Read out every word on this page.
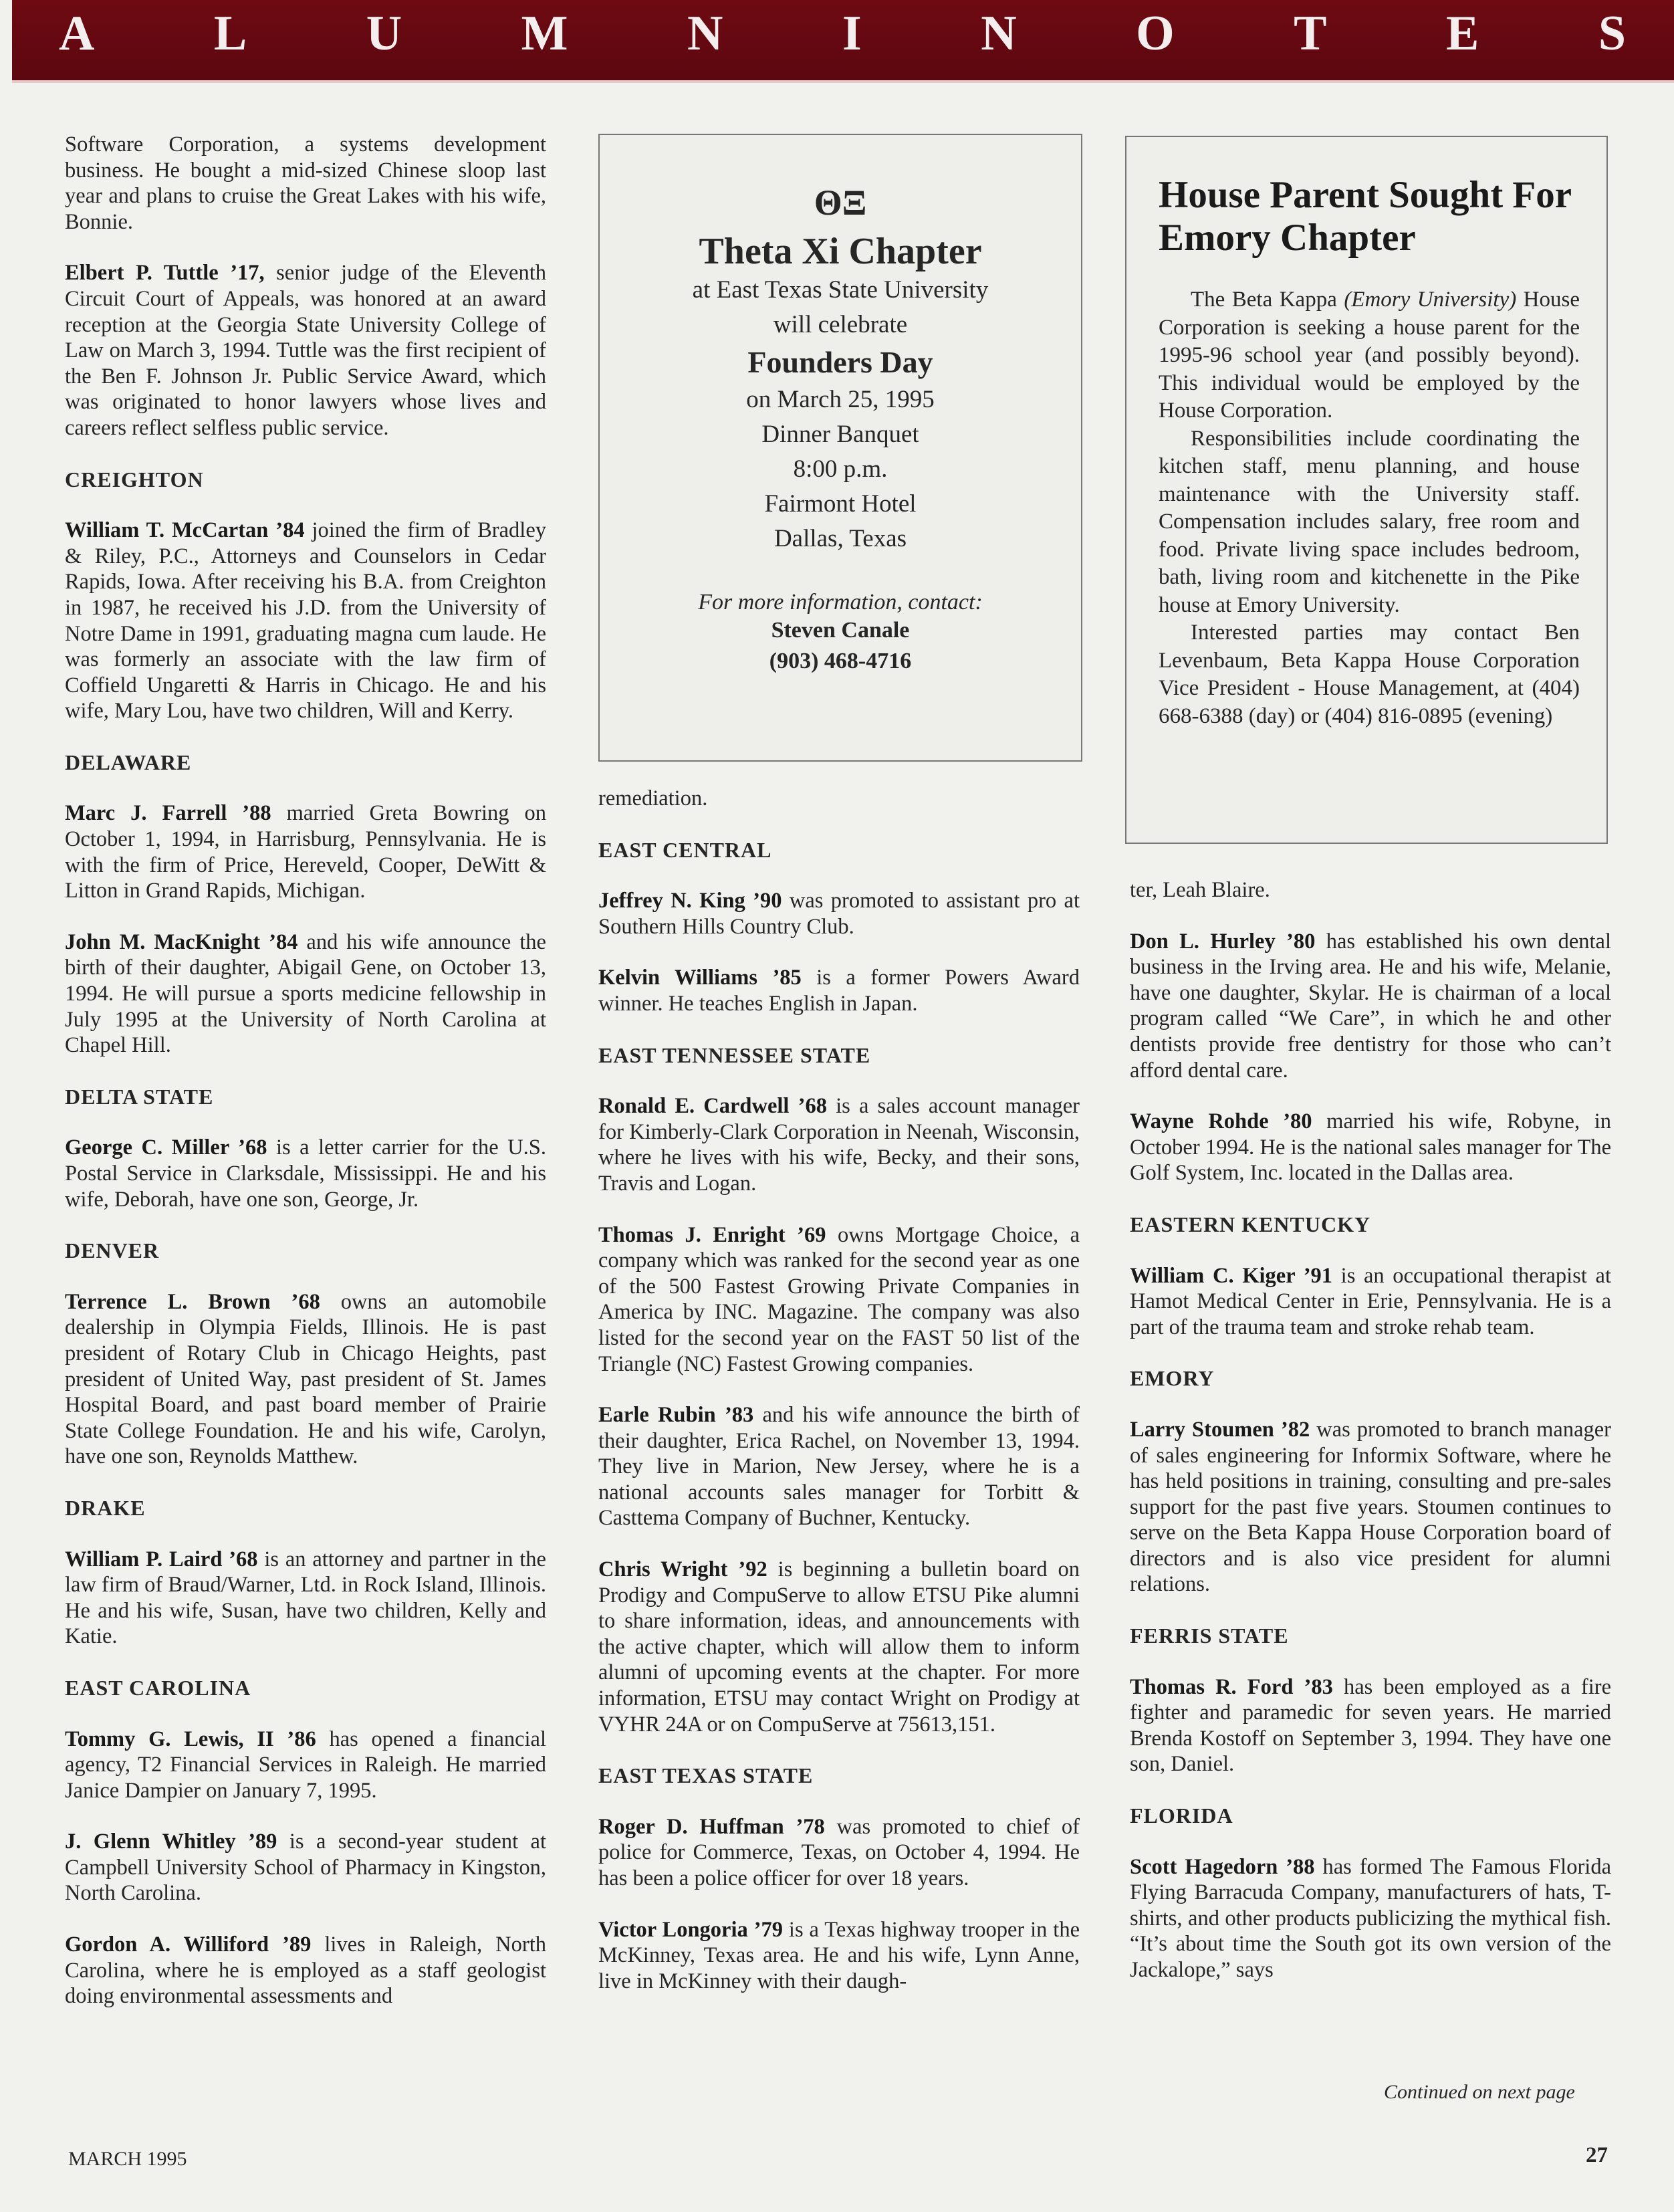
A L U M N I N O T E S

Software Corporation, a systems development business. He bought a mid-sized Chinese sloop last year and plans to cruise the Great Lakes with his wife, Bonnie.

Elbert P. Tuttle ’17, senior judge of the Eleventh Circuit Court of Appeals, was honored at an award reception at the Georgia State University College of Law on March 3, 1994. Tuttle was the first recipient of the Ben F. Johnson Jr. Public Service Award, which was originated to honor lawyers whose lives and careers reflect selfless public service.

CREIGHTON

William T. McCartan ’84 joined the firm of Bradley & Riley, P.C., Attorneys and Counselors in Cedar Rapids, Iowa. After receiving his B.A. from Creighton in 1987, he received his J.D. from the University of Notre Dame in 1991, graduating magna cum laude. He was formerly an associate with the law firm of Coffield Ungaretti & Harris in Chicago. He and his wife, Mary Lou, have two children, Will and Kerry.

DELAWARE

Marc J. Farrell ’88 married Greta Bowring on October 1, 1994, in Harrisburg, Pennsylvania. He is with the firm of Price, Hereveld, Cooper, DeWitt & Litton in Grand Rapids, Michigan.

John M. MacKnight ’84 and his wife announce the birth of their daughter, Abigail Gene, on October 13, 1994. He will pursue a sports medicine fellowship in July 1995 at the University of North Carolina at Chapel Hill.

DELTA STATE

George C. Miller ’68 is a letter carrier for the U.S. Postal Service in Clarksdale, Mississippi. He and his wife, Deborah, have one son, George, Jr.

DENVER

Terrence L. Brown ’68 owns an automobile dealership in Olympia Fields, Illinois. He is past president of Rotary Club in Chicago Heights, past president of United Way, past president of St. James Hospital Board, and past board member of Prairie State College Foundation. He and his wife, Carolyn, have one son, Reynolds Matthew.

DRAKE

William P. Laird ’68 is an attorney and partner in the law firm of Braud/Warner, Ltd. in Rock Island, Illinois. He and his wife, Susan, have two children, Kelly and Katie.

EAST CAROLINA

Tommy G. Lewis, II ’86 has opened a financial agency, T2 Financial Services in Raleigh. He married Janice Dampier on January 7, 1995.

J. Glenn Whitley ’89 is a second-year student at Campbell University School of Pharmacy in Kingston, North Carolina.

Gordon A. Williford ’89 lives in Raleigh, North Carolina, where he is employed as a staff geologist doing environmental assessments and

ΘΞ
Theta Xi Chapter
at East Texas State University
will celebrate
Founders Day
on March 25, 1995
Dinner Banquet
8:00 p.m.
Fairmont Hotel
Dallas, Texas
For more information, contact:
Steven Canale
(903) 468-4716

remediation.

EAST CENTRAL

Jeffrey N. King ’90 was promoted to assistant pro at Southern Hills Country Club.

Kelvin Williams ’85 is a former Powers Award winner. He teaches English in Japan.

EAST TENNESSEE STATE

Ronald E. Cardwell ’68 is a sales account manager for Kimberly-Clark Corporation in Neenah, Wisconsin, where he lives with his wife, Becky, and their sons, Travis and Logan.

Thomas J. Enright ’69 owns Mortgage Choice, a company which was ranked for the second year as one of the 500 Fastest Growing Private Companies in America by INC. Magazine. The company was also listed for the second year on the FAST 50 list of the Triangle (NC) Fastest Growing companies.

Earle Rubin ’83 and his wife announce the birth of their daughter, Erica Rachel, on November 13, 1994. They live in Marion, New Jersey, where he is a national accounts sales manager for Torbitt & Casttema Company of Buchner, Kentucky.

Chris Wright ’92 is beginning a bulletin board on Prodigy and CompuServe to allow ETSU Pike alumni to share information, ideas, and announcements with the active chapter, which will allow them to inform alumni of upcoming events at the chapter. For more information, ETSU may contact Wright on Prodigy at VYHR 24A or on CompuServe at 75613,151.

EAST TEXAS STATE

Roger D. Huffman ’78 was promoted to chief of police for Commerce, Texas, on October 4, 1994. He has been a police officer for over 18 years.

Victor Longoria ’79 is a Texas highway trooper in the McKinney, Texas area. He and his wife, Lynn Anne, live in McKinney with their daugh-

House Parent Sought For Emory Chapter

The Beta Kappa (Emory University) House Corporation is seeking a house parent for the 1995-96 school year (and possibly beyond). This individual would be employed by the House Corporation.

Responsibilities include coordinating the kitchen staff, menu planning, and house maintenance with the University staff. Compensation includes salary, free room and food. Private living space includes bedroom, bath, living room and kitchenette in the Pike house at Emory University.

Interested parties may contact Ben Levenbaum, Beta Kappa House Corporation Vice President - House Management, at (404) 668-6388 (day) or (404) 816-0895 (evening)

ter, Leah Blaire.

Don L. Hurley ’80 has established his own dental business in the Irving area. He and his wife, Melanie, have one daughter, Skylar. He is chairman of a local program called “We Care”, in which he and other dentists provide free dentistry for those who can’t afford dental care.

Wayne Rohde ’80 married his wife, Robyne, in October 1994. He is the national sales manager for The Golf System, Inc. located in the Dallas area.

EASTERN KENTUCKY

William C. Kiger ’91 is an occupational therapist at Hamot Medical Center in Erie, Pennsylvania. He is a part of the trauma team and stroke rehab team.

EMORY

Larry Stoumen ’82 was promoted to branch manager of sales engineering for Informix Software, where he has held positions in training, consulting and pre-sales support for the past five years. Stoumen continues to serve on the Beta Kappa House Corporation board of directors and is also vice president for alumni relations.

FERRIS STATE

Thomas R. Ford ’83 has been employed as a fire fighter and paramedic for seven years. He married Brenda Kostoff on September 3, 1994. They have one son, Daniel.

FLORIDA

Scott Hagedorn ’88 has formed The Famous Florida Flying Barracuda Company, manufacturers of hats, T-shirts, and other products publicizing the mythical fish. “It’s about time the South got its own version of the Jackalope,” says

Continued on next page
MARCH 1995	27
